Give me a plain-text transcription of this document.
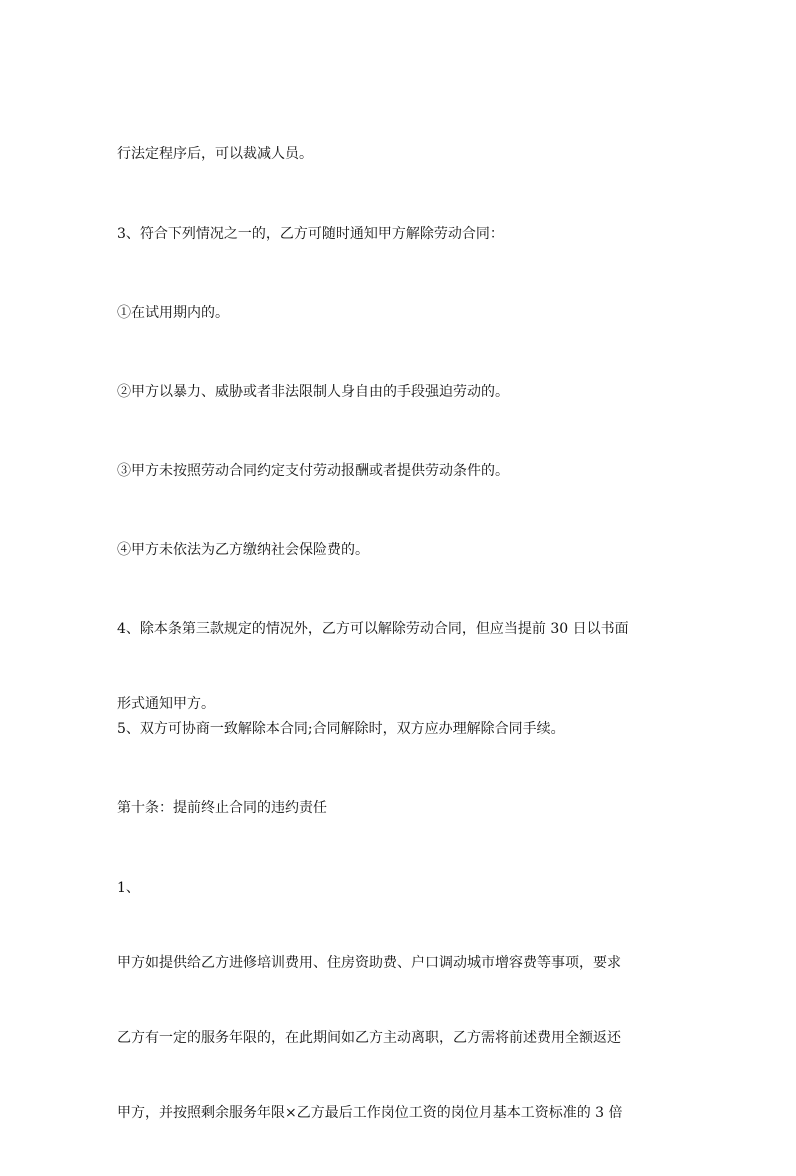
行法定程序后，可以裁减人员。

3、符合下列情况之一的，乙方可随时通知甲方解除劳动合同：

①在试用期内的。

②甲方以暴力、威胁或者非法限制人身自由的手段强迫劳动的。

③甲方未按照劳动合同约定支付劳动报酬或者提供劳动条件的。

④甲方未依法为乙方缴纳社会保险费的。

4、除本条第三款规定的情况外，乙方可以解除劳动合同，但应当提前 30 日以书面

形式通知甲方。

5、双方可协商一致解除本合同;合同解除时，双方应办理解除合同手续。

第十条：提前终止合同的违约责任

1、

甲方如提供给乙方进修培训费用、住房资助费、户口调动城市增容费等事项，要求

乙方有一定的服务年限的，在此期间如乙方主动离职，乙方需将前述费用全额返还

甲方，并按照剩余服务年限×乙方最后工作岗位工资的岗位月基本工资标准的 3 倍
